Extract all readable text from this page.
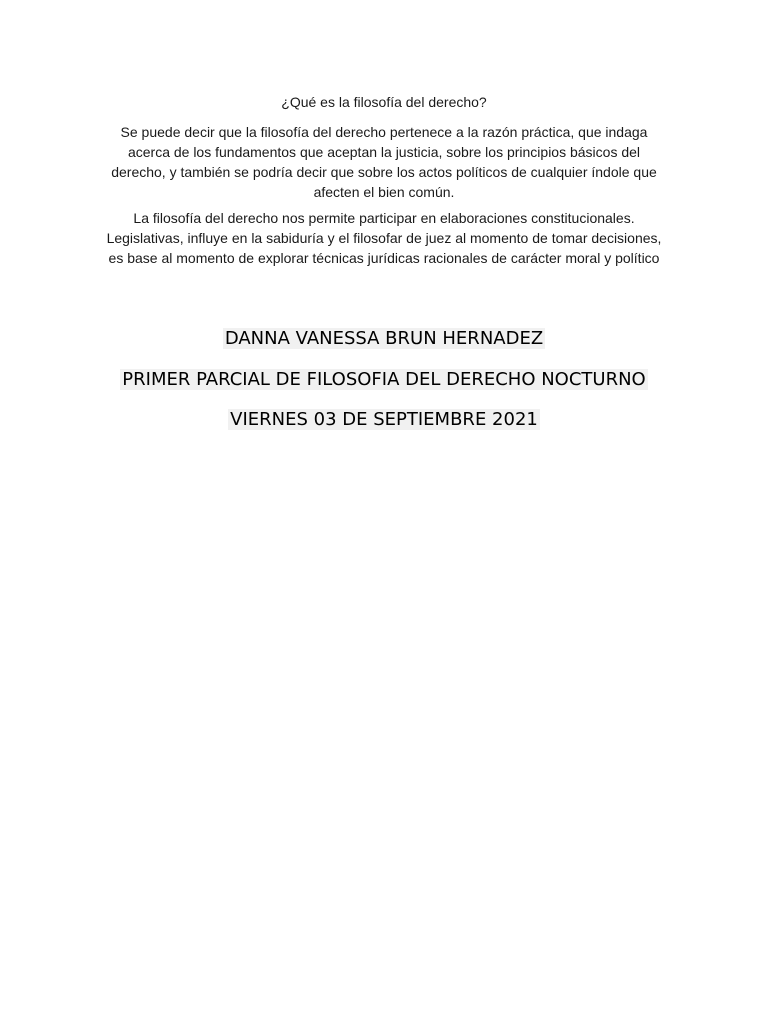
¿Qué es la filosofía del derecho?
Se puede decir que la filosofía del derecho pertenece a la razón práctica, que indaga acerca de los fundamentos que aceptan la justicia, sobre los principios básicos del derecho, y también se podría decir que sobre los actos políticos de cualquier índole que afecten el bien común.
La filosofía del derecho nos permite participar en elaboraciones constitucionales. Legislativas, influye en la sabiduría y el filosofar de juez al momento de tomar decisiones, es base al momento de explorar técnicas jurídicas racionales de carácter moral y político
DANNA VANESSA BRUN HERNADEZ
PRIMER PARCIAL DE FILOSOFIA DEL DERECHO NOCTURNO
VIERNES 03 DE SEPTIEMBRE 2021
